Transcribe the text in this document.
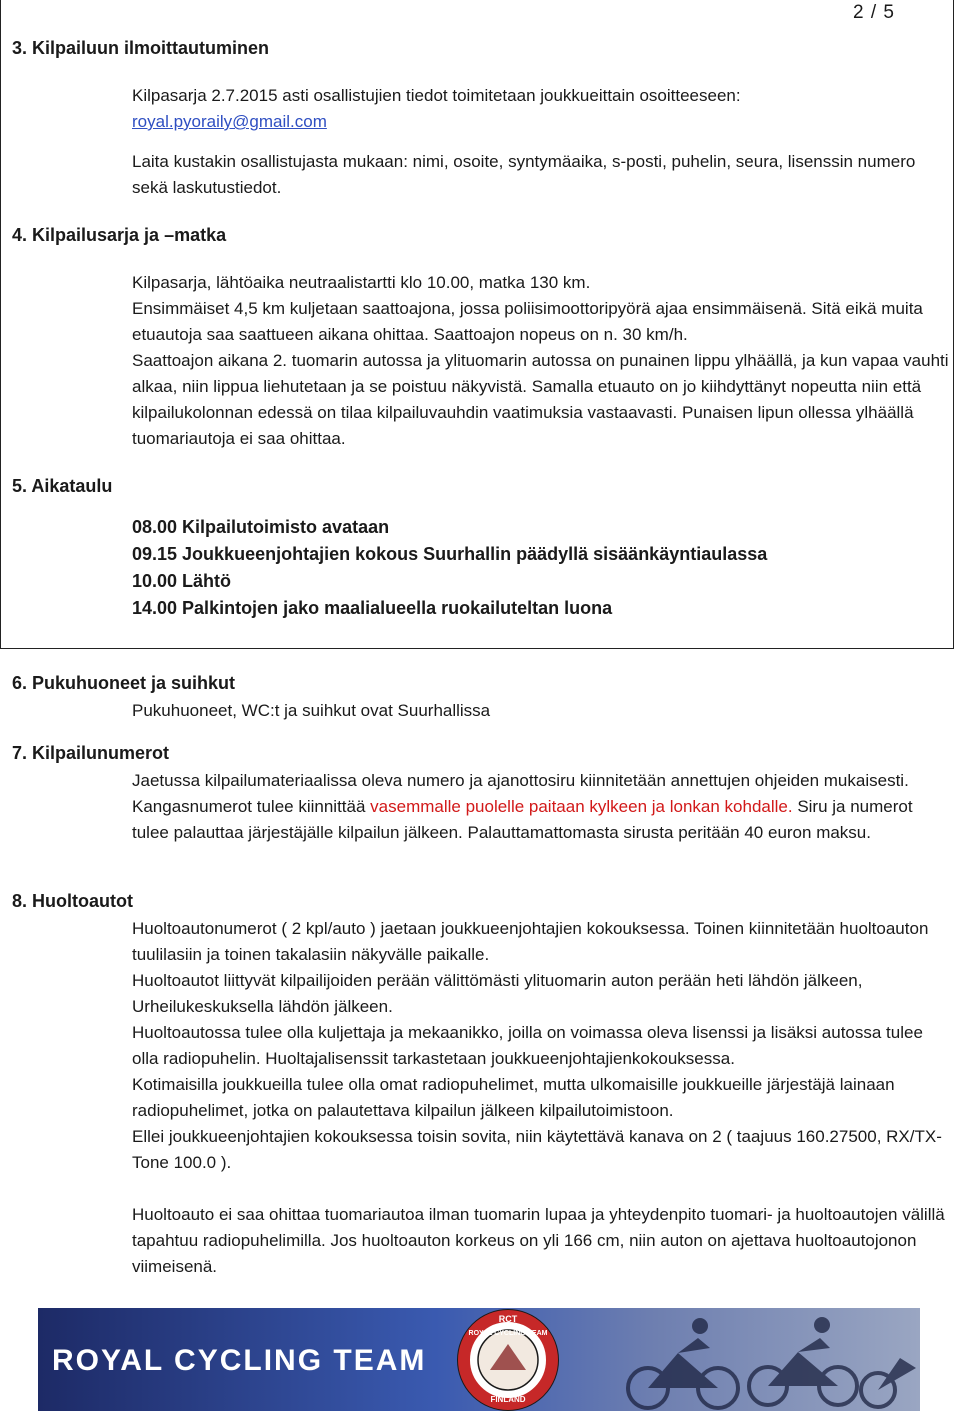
2 / 5
3. Kilpailuun ilmoittautuminen

Kilpasarja 2.7.2015 asti osallistujien tiedot toimitetaan joukkueittain osoitteeseen:

royal.pyoraily@gmail.com

Laita kustakin osallistujasta mukaan: nimi, osoite, syntymäaika, s-posti, puhelin, seura, lisenssin numero sekä laskutustiedot.

4. Kilpailusarja ja –matka

Kilpasarja, lähtöaika neutraalistartti klo 10.00, matka 130 km.

Ensimmäiset 4,5 km kuljetaan saattoajona, jossa poliisimoottoripyörä ajaa ensimmäisenä. Sitä eikä muita etuautoja saa saattueen aikana ohittaa. Saattoajon nopeus on n. 30 km/h.

Saattoajon aikana 2. tuomarin autossa ja ylituomarin autossa on punainen lippu ylhäällä, ja kun vapaa vauhti alkaa, niin lippua liehutetaan ja se poistuu näkyvistä. Samalla etuauto on jo kiihdyttänyt nopeutta niin että kilpailukolonnan edessä on tilaa kilpailuvauhdin vaatimuksia vastaavasti. Punaisen lipun ollessa ylhäällä tuomariautoja ei saa ohittaa.

5. Aikataulu

08.00 Kilpailutoimisto avataan

09.15 Joukkueenjohtajien kokous Suurhallin päädyllä sisäänkäyntiaulassa

10.00 Lähtö

14.00 Palkintojen jako maalialueella ruokailuteltan luona

6. Pukuhuoneet ja suihkut
Pukuhuoneet, WC:t ja suihkut ovat Suurhallissa
7. Kilpailunumerot

Jaetussa kilpailumateriaalissa oleva numero ja ajanottosiru kiinnitetään annettujen ohjeiden mukaisesti. Kangasnumerot tulee kiinnittää vasemmalle puolelle paitaan kylkeen ja lonkan kohdalle. Siru ja numerot tulee palauttaa järjestäjälle kilpailun jälkeen. Palauttamattomasta sirusta peritään 40 euron maksu.

8. Huoltoautot

Huoltoautonumerot ( 2 kpl/auto ) jaetaan joukkueenjohtajien kokouksessa. Toinen kiinnitetään huoltoauton tuulilasiin ja toinen takalasiin näkyvälle paikalle.

Huoltoautot liittyvät kilpailijoiden perään välittömästi ylituomarin auton perään heti lähdön jälkeen, Urheilukeskuksella lähdön jälkeen.

Huoltoautossa tulee olla kuljettaja ja mekaanikko, joilla on voimassa oleva lisenssi ja lisäksi autossa tulee olla radiopuhelin. Huoltajalisenssit tarkastetaan joukkueenjohtajienkokouksessa.

Kotimaisilla joukkueilla tulee olla omat radiopuhelimet, mutta ulkomaisille joukkueille järjestäjä lainaan radiopuhelimet, jotka on palautettava kilpailun jälkeen kilpailutoimistoon.

Ellei joukkueenjohtajien kokouksessa toisin sovita, niin käytettävä kanava on 2 ( taajuus 160.27500, RX/TX-Tone 100.0 ).

Huoltoauto ei saa ohittaa tuomariautoa ilman tuomarin lupaa ja yhteydenpito tuomari- ja huoltoautojen välillä tapahtuu radiopuhelimilla. Jos huoltoauton korkeus on yli 166 cm, niin auton on ajettava huoltoautojonon viimeisenä.

ROYAL CYCLING TEAM
RCT
ROYAL CYCLING TEAM
FINLAND
